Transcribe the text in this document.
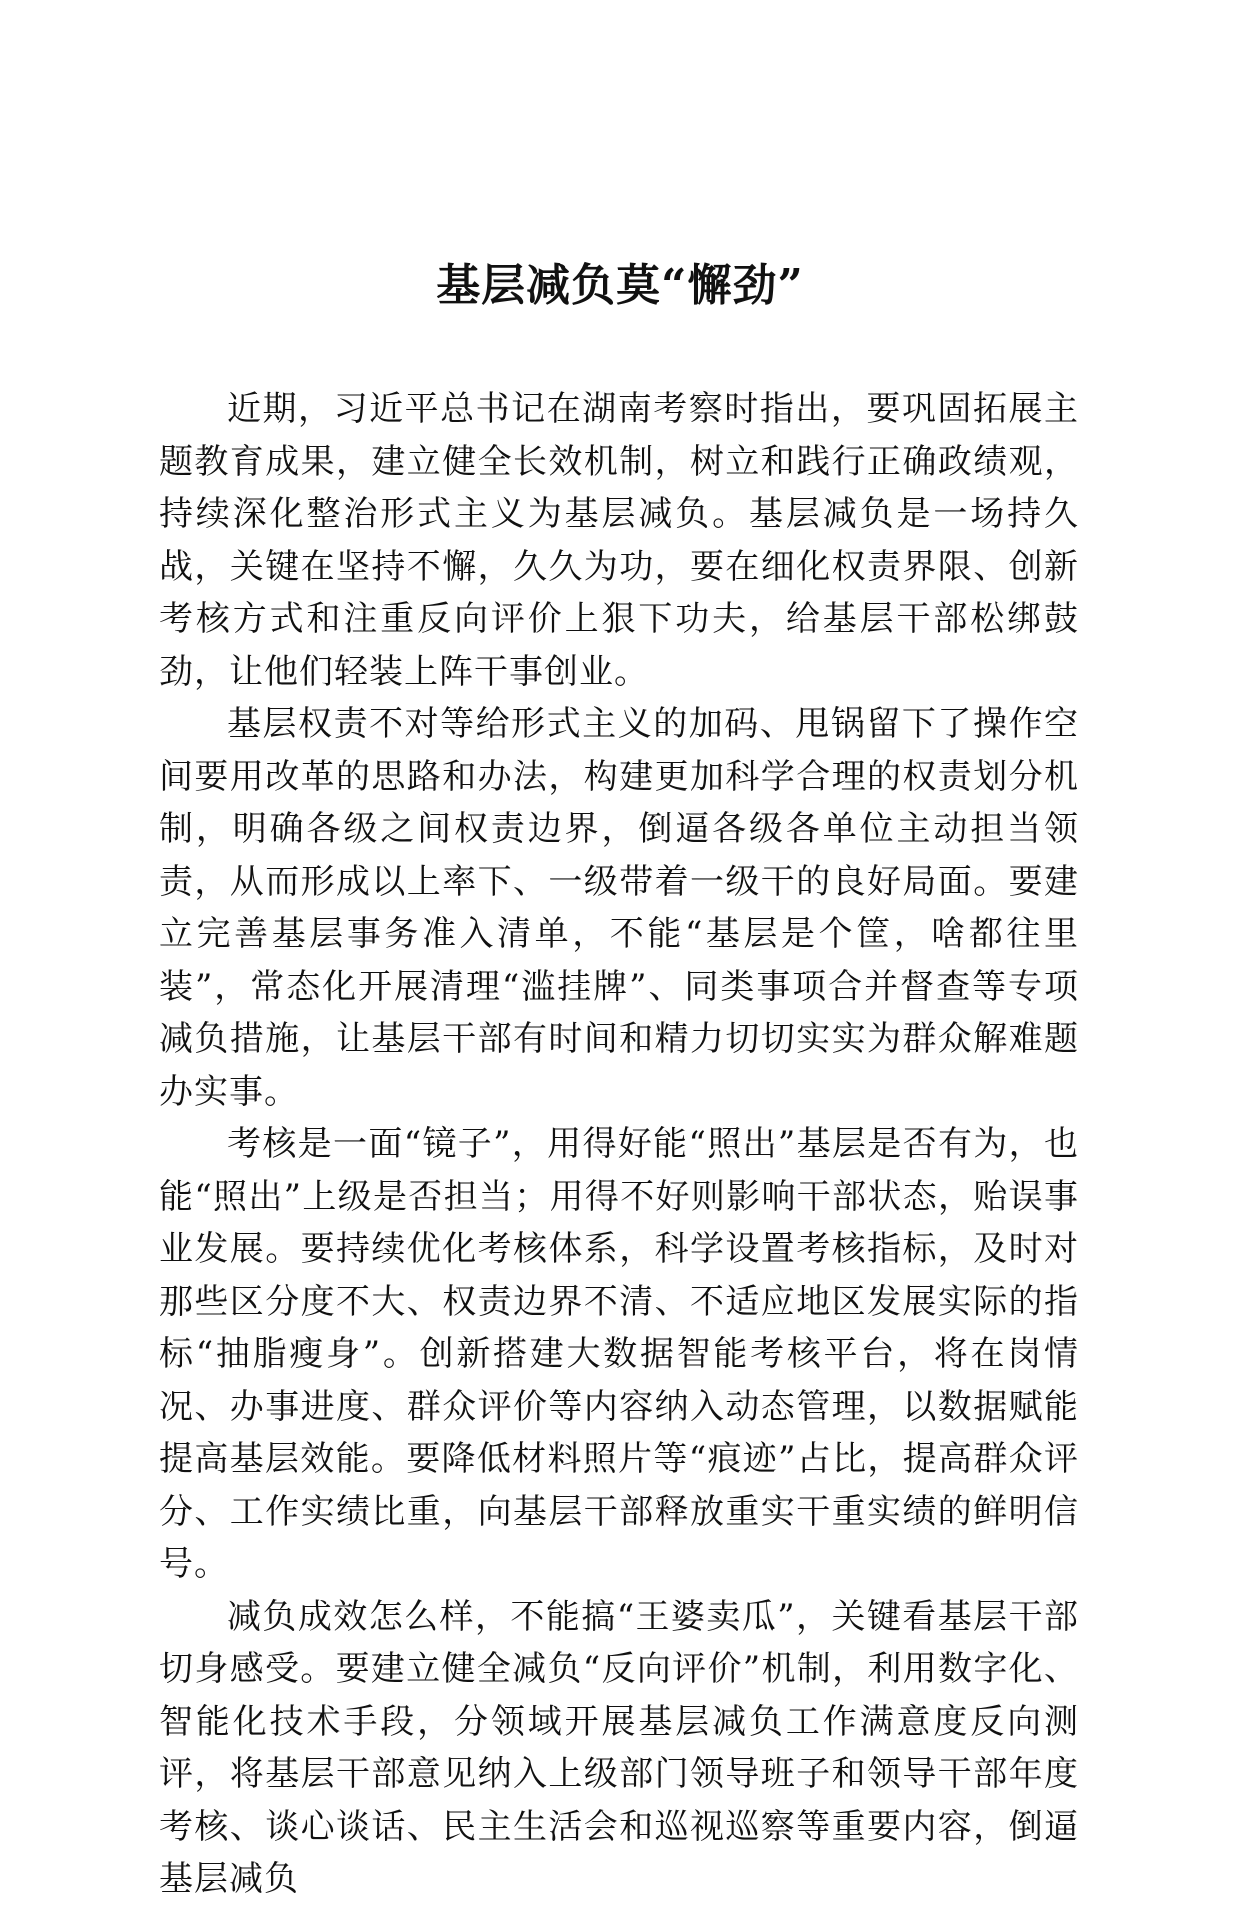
基层减负莫“懈劲”

近期，习近平总书记在湖南考察时指出，要巩固拓展主题教育成果，建立健全长效机制，树立和践行正确政绩观，持续深化整治形式主义为基层减负。基层减负是一场持久战，关键在坚持不懈，久久为功，要在细化权责界限、创新考核方式和注重反向评价上狠下功夫，给基层干部松绑鼓劲，让他们轻装上阵干事创业。

基层权责不对等给形式主义的加码、甩锅留下了操作空间要用改革的思路和办法，构建更加科学合理的权责划分机制，明确各级之间权责边界，倒逼各级各单位主动担当领责，从而形成以上率下、一级带着一级干的良好局面。要建立完善基层事务准入清单，不能“基层是个筐，啥都往里装”，常态化开展清理“滥挂牌”、同类事项合并督查等专项减负措施，让基层干部有时间和精力切切实实为群众解难题办实事。

考核是一面“镜子”，用得好能“照出”基层是否有为，也能“照出”上级是否担当；用得不好则影响干部状态，贻误事业发展。要持续优化考核体系，科学设置考核指标，及时对那些区分度不大、权责边界不清、不适应地区发展实际的指标“抽脂瘦身”。创新搭建大数据智能考核平台，将在岗情况、办事进度、群众评价等内容纳入动态管理，以数据赋能提高基层效能。要降低材料照片等“痕迹”占比，提高群众评分、工作实绩比重，向基层干部释放重实干重实绩的鲜明信号。

减负成效怎么样，不能搞“王婆卖瓜”，关键看基层干部切身感受。要建立健全减负“反向评价”机制，利用数字化、智能化技术手段，分领域开展基层减负工作满意度反向测评，将基层干部意见纳入上级部门领导班子和领导干部年度考核、谈心谈话、民主生活会和巡视巡察等重要内容，倒逼基层减负
